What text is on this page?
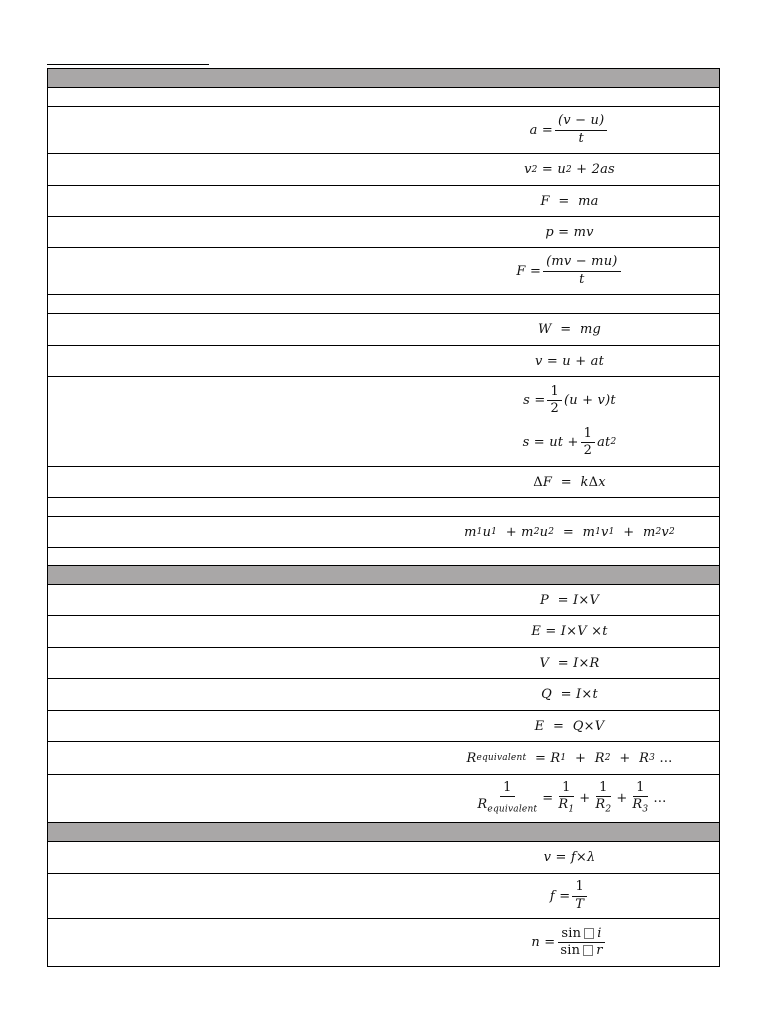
$a = \frac{(v - u)}{t}$
v 2 = u 2 + 2as
F  =  ma
p = mv
$F = \frac{(mv - mu)}{t}$
W  =  mg
v = u + at
$s = \frac{1}{2} (u + v)t$
s = ut + $\frac{1}{2}$ at 2
Δ F  =  k Δ x
m 1 u 1 + m 2 u 2 =  m 1 v 1 +  m 2 v 2
P  = I × V
E = I × V × t
V  = I × R
Q  = I × t
E  =  Q × V
R equivalent = R 1 +  R 2 +  R 3
…
$\frac{1}{R_{equivalent}} = \frac{1}{R_1} + \frac{1}{R_2} + \frac{1}{R_3}$ …
v = f × λ
$f = \frac{1}{T}$
$n = \frac{\text{sin i}}{\text{sin r}}$
